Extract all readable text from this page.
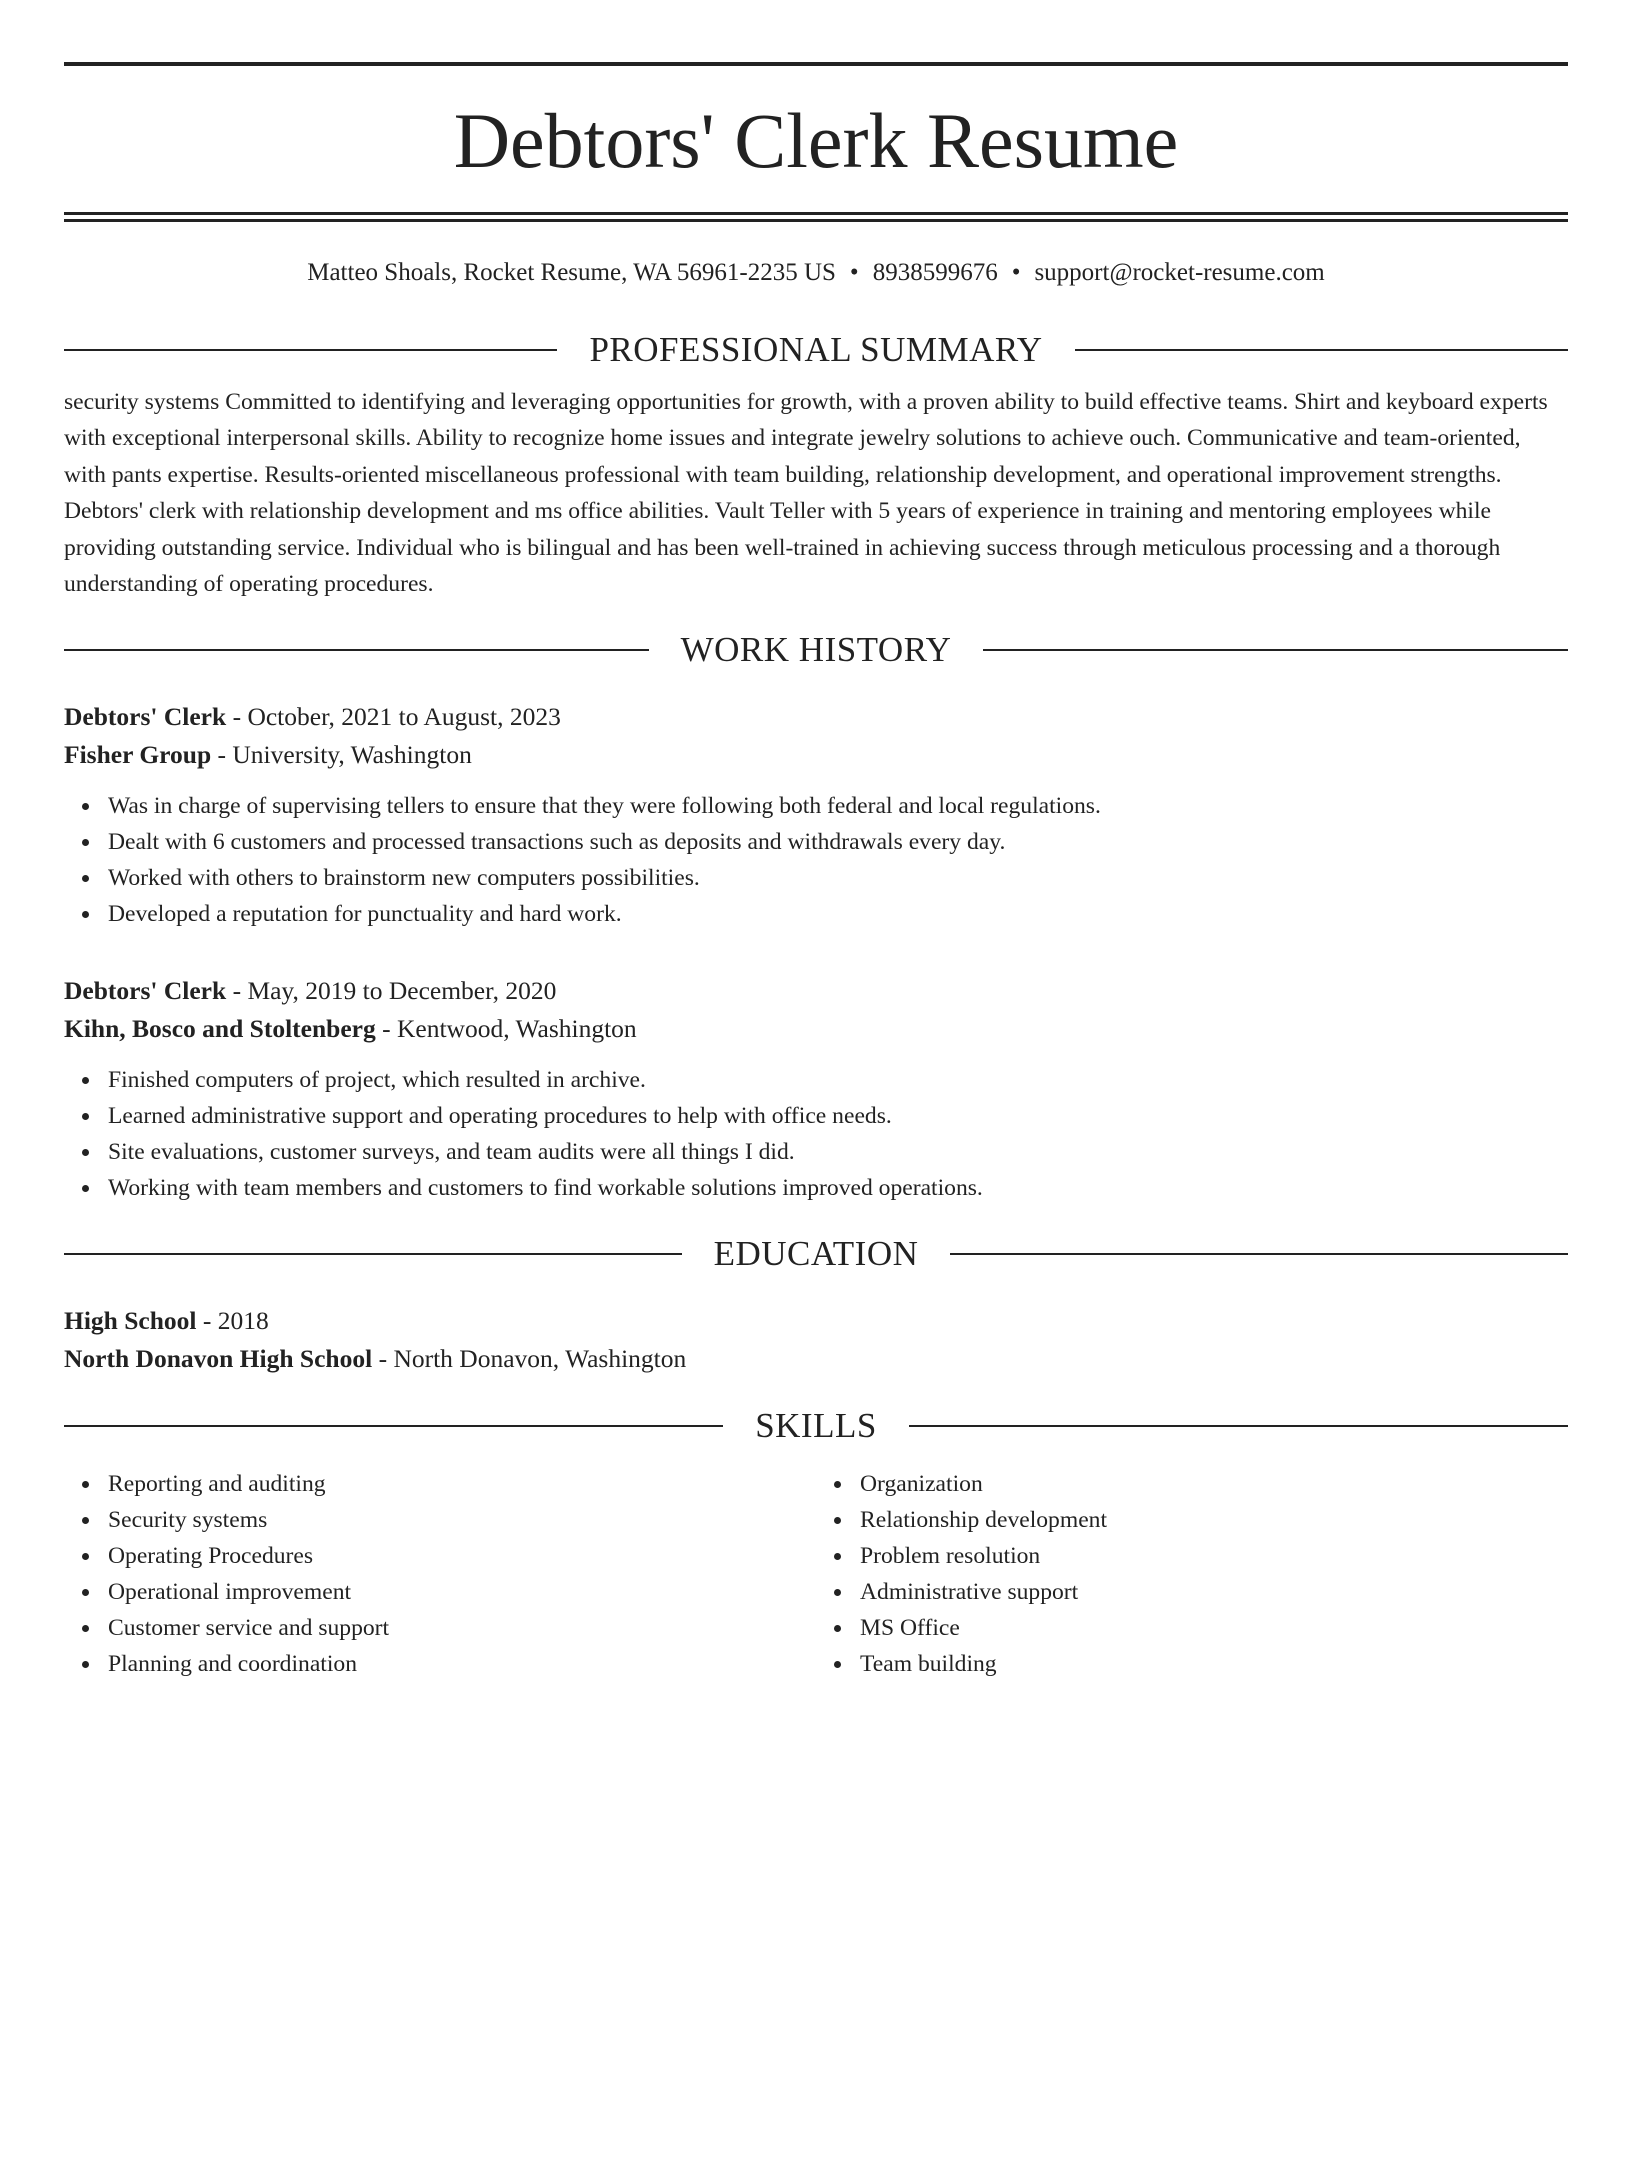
Debtors' Clerk Resume
Matteo Shoals, Rocket Resume, WA 56961-2235 US • 8938599676 • support@rocket-resume.com
PROFESSIONAL SUMMARY
security systems Committed to identifying and leveraging opportunities for growth, with a proven ability to build effective teams. Shirt and keyboard experts with exceptional interpersonal skills. Ability to recognize home issues and integrate jewelry solutions to achieve ouch. Communicative and team-oriented, with pants expertise. Results-oriented miscellaneous professional with team building, relationship development, and operational improvement strengths. Debtors' clerk with relationship development and ms office abilities. Vault Teller with 5 years of experience in training and mentoring employees while providing outstanding service. Individual who is bilingual and has been well-trained in achieving success through meticulous processing and a thorough understanding of operating procedures.
WORK HISTORY
Debtors' Clerk - October, 2021 to August, 2023
Fisher Group - University, Washington
Was in charge of supervising tellers to ensure that they were following both federal and local regulations.
Dealt with 6 customers and processed transactions such as deposits and withdrawals every day.
Worked with others to brainstorm new computers possibilities.
Developed a reputation for punctuality and hard work.
Debtors' Clerk - May, 2019 to December, 2020
Kihn, Bosco and Stoltenberg - Kentwood, Washington
Finished computers of project, which resulted in archive.
Learned administrative support and operating procedures to help with office needs.
Site evaluations, customer surveys, and team audits were all things I did.
Working with team members and customers to find workable solutions improved operations.
EDUCATION
High School - 2018
North Donavon High School - North Donavon, Washington
SKILLS
Reporting and auditing
Security systems
Operating Procedures
Operational improvement
Customer service and support
Planning and coordination
Organization
Relationship development
Problem resolution
Administrative support
MS Office
Team building
